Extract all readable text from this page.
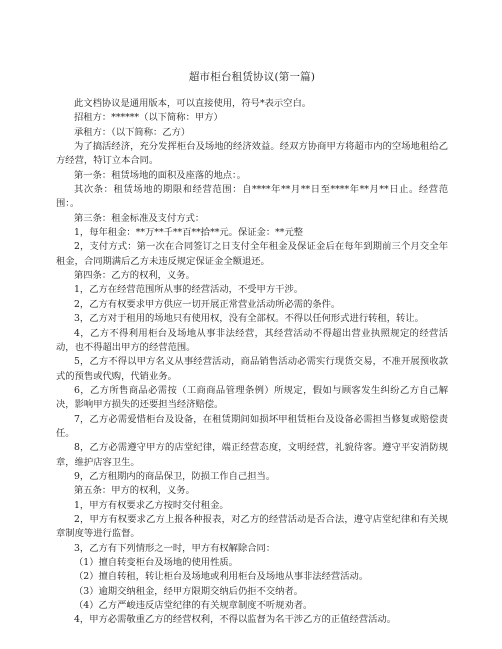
超市柜台租赁协议(第一篇)

此文档协议是通用版本，可以直接使用，符号*表示空白。

招租方：******（以下简称：甲方）

承租方：（以下简称：乙方）

为了搞活经济，充分发挥柜台及场地的经济效益。经双方协商甲方将超市内的空场地租给乙方经营，特订立本合同。

第一条：租赁场地的面积及座落的地点：。

其次条：租赁场地的期限和经营范围：自****年**月**日至****年**月**日止。经营范围：。

第三条：租金标准及支付方式：

1，每年租金：**万**千**百**拾**元。保证金：**元整

2，支付方式：第一次在合同签订之日支付全年租金及保证金后在每年到期前三个月交全年租金，合同期满后乙方未违反规定保证金全额退还。

第四条：乙方的权利，义务。

1，乙方在经营范围所从事的经营活动，不受甲方干涉。

2，乙方有权要求甲方供应一切开展正常营业活动所必需的条件。

3，乙方对于租用的场地只有使用权，没有全部权。不得以任何形式进行转租，转让。

4，乙方不得利用柜台及场地从事非法经营，其经营活动不得超出营业执照规定的经营活动，也不得超出甲方的经营范围。

5，乙方不得以甲方名义从事经营活动，商品销售活动必需实行现货交易，不准开展预收款式的预售或代购，代销业务。

6，乙方所售商品必需按（工商商品管理条例）所规定，假如与顾客发生纠纷乙方自己解决，影响甲方损失的还要担当经济赔偿。

7，乙方必需爱惜柜台及设备，在租赁期间如损坏甲租赁柜台及设备必需担当修复或赔偿责任。

8，乙方必需遵守甲方的店堂纪律，端正经营态度，文明经营，礼貌待客。遵守平安消防规章，维护店容卫生。

9，乙方租期内的商品保卫，防损工作自己担当。

第五条：甲方的权利，义务。

1，甲方有权要求乙方按时交付租金。

2，甲方有权要求乙方上报各种报表，对乙方的经营活动是否合法，遵守店堂纪律和有关规章制度等进行监督。

3，乙方有下列情形之一时，甲方有权解除合同：

（1）擅自转变柜台及场地的使用性质。

（2）擅自转租，转让柜台及场地或利用柜台及场地从事非法经营活动。

（3）逾期交纳租金，经甲方限期交纳后仍拒不交纳者。

（4）乙方严峻违反店堂纪律的有关规章制度不听规劝者。

4，甲方必需敬重乙方的经营权利，不得以监督为名干涉乙方的正值经营活动。
